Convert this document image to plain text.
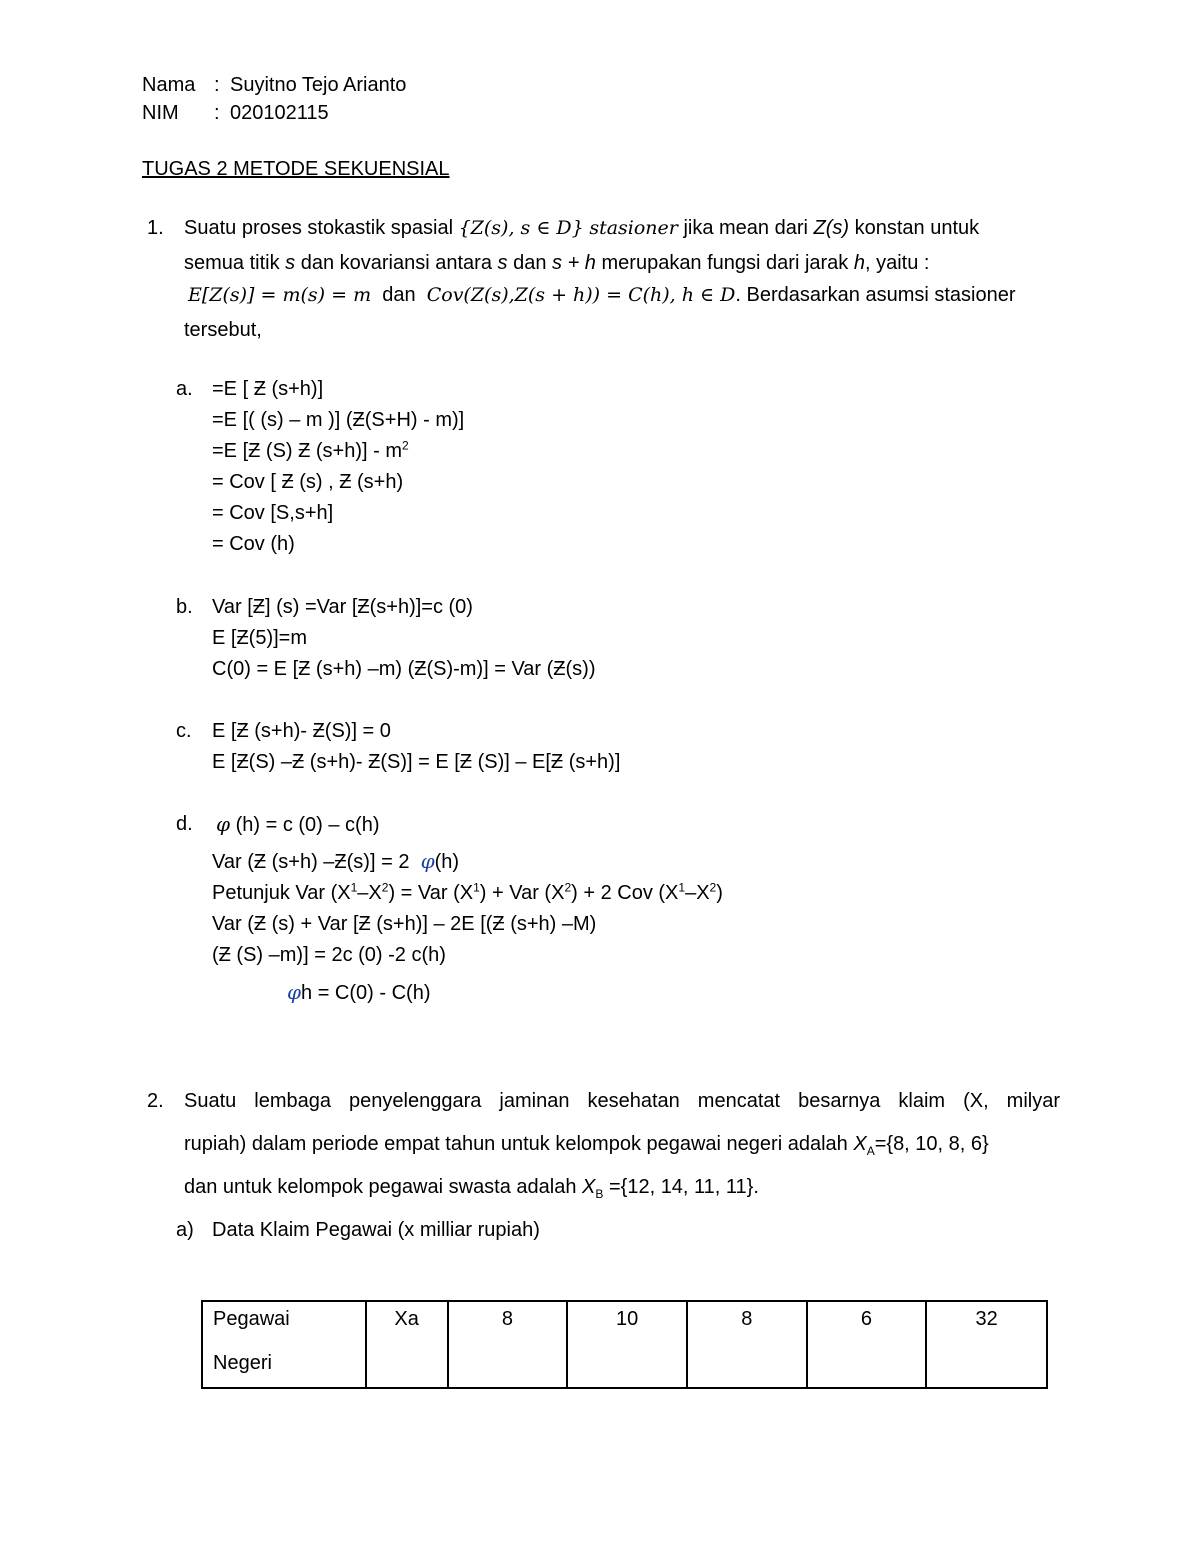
Nama : Suyitno Tejo Arianto
NIM : 020102115
TUGAS 2 METODE SEKUENSIAL
1. Suatu proses stokastik spasial {Z(s), s ∈ D} stasioner jika mean dari Z(s) konstan untuk
semua titik s dan kovariansi antara s dan s + h merupakan fungsi dari jarak h, yaitu :
E[Z(s)] = m(s) = m dan Cov(Z(s),Z(s + h)) = C(h), h ∈ D. Berdasarkan asumsi stasioner
tersebut,
a. =E [ Ƶ (s+h)]
=E [( (s) – m )] (Ƶ(S+H) - m)]
=E [Ƶ (S) Ƶ $(s+h)] - m^2$
= Cov [ Ƶ (s) , Ƶ (s+h)
= Cov [S,s+h]
= Cov (h)
b. Var [Ƶ] (s) =Var [Ƶ(s+h)]=c (0)
E [Ƶ(5)]=m
C(0) = E [Ƶ (s+h) –m) (Ƶ(S)-m)] = Var (Ƶ(s))
c. E [Ƶ (s+h)- Ƶ(S)] = 0
E [Ƶ(S) –Ƶ (s+h)- Ƶ(S)] = E [Ƶ (S)] – E[Ƶ (s+h)]
d. φ (h) = c (0) – c(h)
Var (Ƶ (s+h) –Ƶ(s)] = 2 φ(h)
Petunjuk Var $(X^1-X^2)$ = Var $(X^1)$ + Var $(X^2) + 2$ Cov $(X^1-X^2)$
Var (Ƶ (s) + Var [Ƶ (s+h)] – 2E [(Ƶ (s+h) –M)
(Ƶ (S) –m)] = 2c (0) -2 c(h)
φh = C(0) - C(h)
2. Suatu lembaga penyelenggara jaminan kesehatan mencatat besarnya klaim (X, milyar
rupiah) dalam periode empat tahun untuk kelompok pegawai negeri adalah $X_A=\{8$, 10, 8, 6}
dan untuk kelompok pegawai swasta adalah $X_B =\{12$, 14, 11, 11}.
a) Data Klaim Pegawai (x milliar rupiah)
Pegawai
Negeri
	Xa	8	10	8	6	32
